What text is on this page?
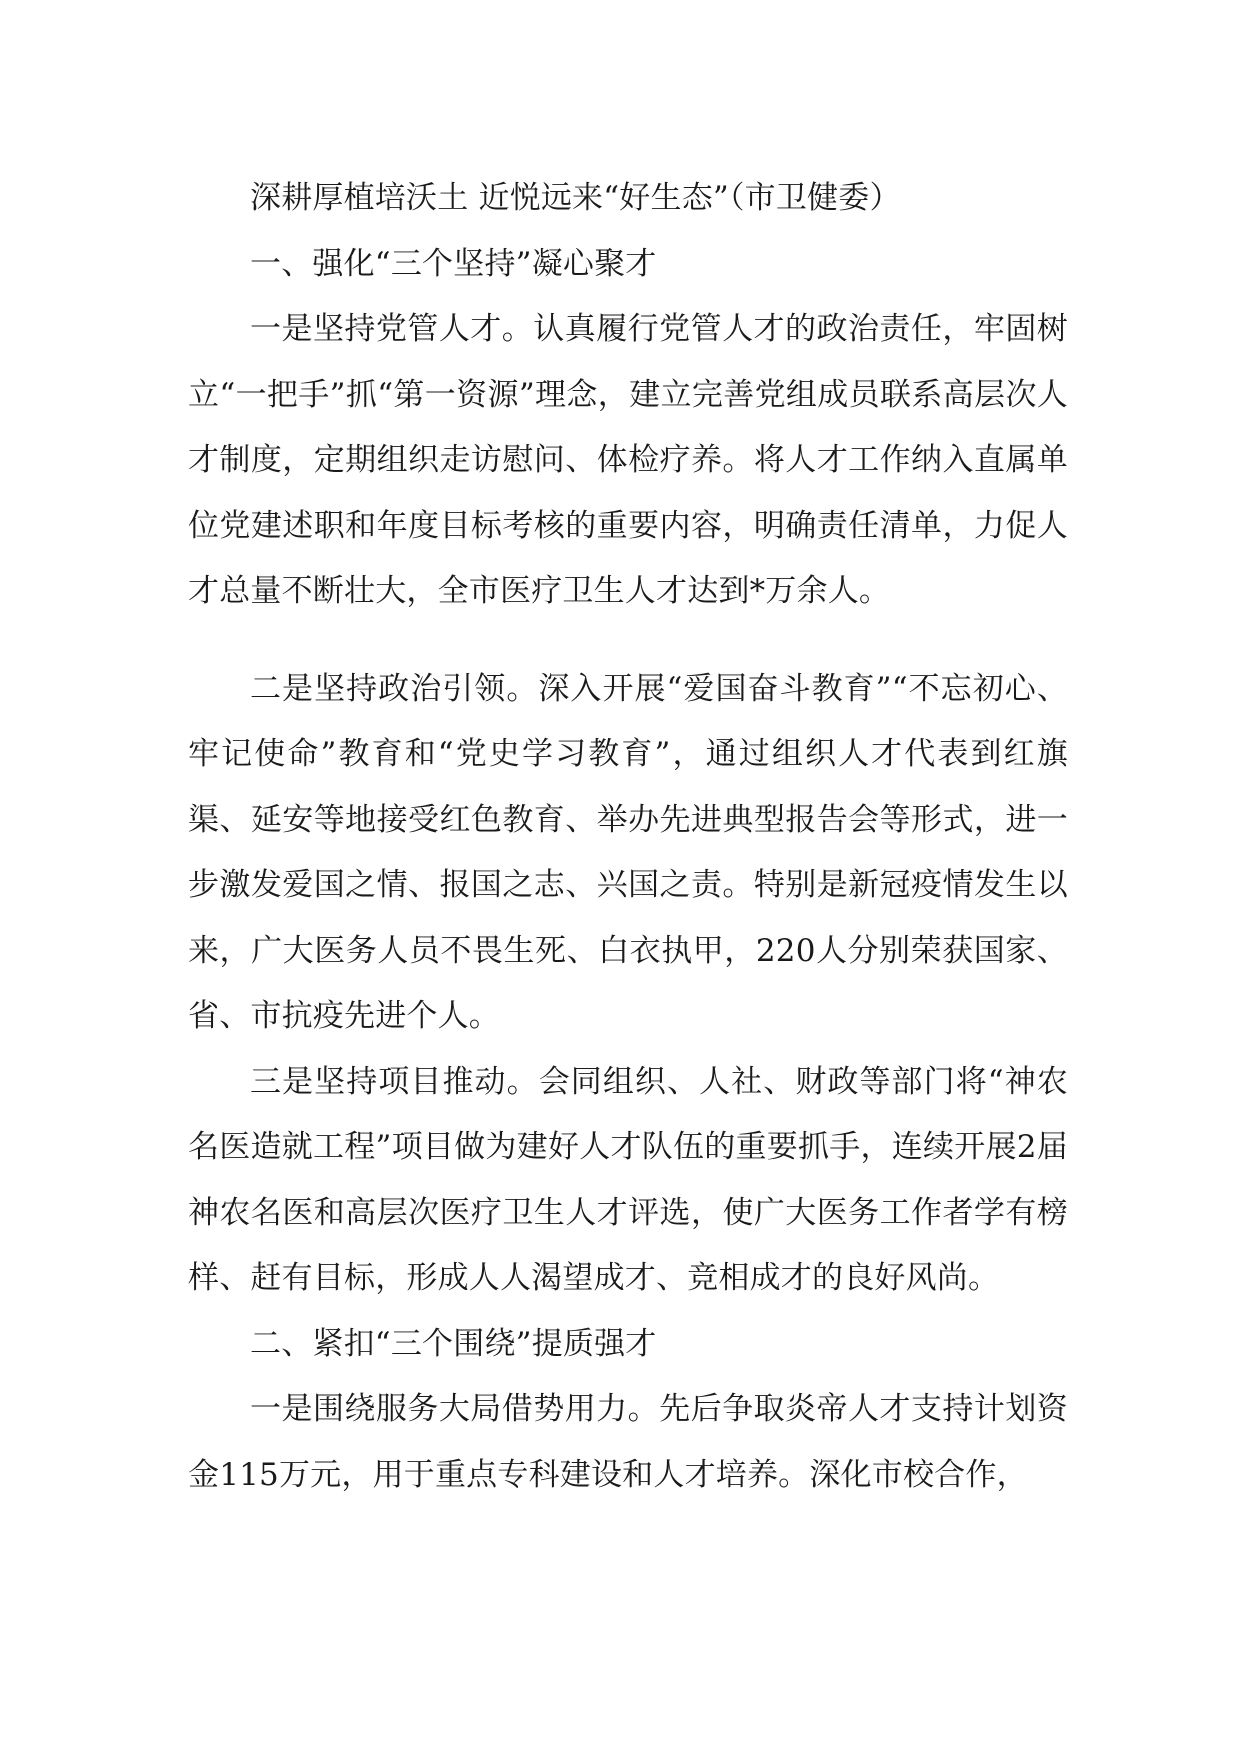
深耕厚植培沃土 近悦远来“好生态”（市卫健委）

一、强化“三个坚持”凝心聚才

一是坚持党管人才。认真履行党管人才的政治责任，牢固树立“一把手”抓“第一资源”理念，建立完善党组成员联系高层次人才制度，定期组织走访慰问、体检疗养。将人才工作纳入直属单位党建述职和年度目标考核的重要内容，明确责任清单，力促人才总量不断壮大，全市医疗卫生人才达到*万余人。

二是坚持政治引领。深入开展“爱国奋斗教育”“不忘初心、牢记使命”教育和“党史学习教育”，通过组织人才代表到红旗渠、延安等地接受红色教育、举办先进典型报告会等形式，进一步激发爱国之情、报国之志、兴国之责。特别是新冠疫情发生以来，广大医务人员不畏生死、白衣执甲，220人分别荣获国家、省、市抗疫先进个人。

三是坚持项目推动。会同组织、人社、财政等部门将“神农名医造就工程”项目做为建好人才队伍的重要抓手，连续开展2届神农名医和高层次医疗卫生人才评选，使广大医务工作者学有榜样、赶有目标，形成人人渴望成才、竞相成才的良好风尚。

二、紧扣“三个围绕”提质强才

一是围绕服务大局借势用力。先后争取炎帝人才支持计划资金115万元，用于重点专科建设和人才培养。深化市校合作，
